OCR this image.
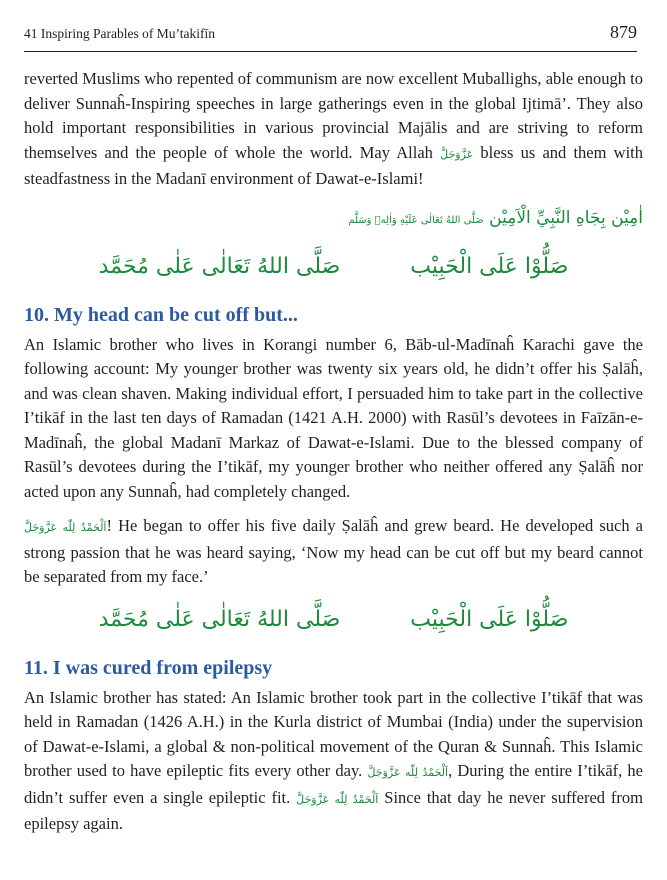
41 Inspiring Parables of Mu’takifīn	879

reverted Muslims who repented of communism are now excellent Muballighs, able enough to deliver Sunnaĥ-Inspiring speeches in large gatherings even in the global Ijtimā’. They also hold important responsibilities in various provincial Majālis and are striving to reform themselves and the people of whole the world. May Allah عَزَّوَجَلَّ bless us and them with steadfastness in the Madanī environment of Dawat-e-Islami!

اٰمِيْن بِجَاهِ النَّبِيِّ الْاَمِيْن صَلَّى اللهُ تَعَالٰى عَلَيْهِ وَاٰلِهٖ وَسَلَّم
صَلُّوْا عَلَى الْحَبِيْب
صَلَّى اللهُ تَعَالٰى عَلٰى مُحَمَّد
10. My head can be cut off but...

An Islamic brother who lives in Korangi number 6, Bāb-ul-Madīnaĥ Karachi gave the following account: My younger brother was twenty six years old, he didn’t offer his Ṣalāĥ, and was clean shaven. Making individual effort, I persuaded him to take part in the collective I’tikāf in the last ten days of Ramadan (1421 A.H. 2000) with Rasūl’s devotees in Faīzān-e-Madīnaĥ, the global Madanī Markaz of Dawat-e-Islami. Due to the blessed company of Rasūl’s devotees during the I’tikāf, my younger brother who neither offered any Ṣalāĥ nor acted upon any Sunnaĥ, had completely changed.

اَلْحَمْدُ لِلّٰه عَزَّوَجَلَّ! He began to offer his five daily Ṣalāĥ and grew beard. He developed such a strong passion that he was heard saying, ‘Now my head can be cut off but my beard cannot be separated from my face.’

صَلُّوْا عَلَى الْحَبِيْب
صَلَّى اللهُ تَعَالٰى عَلٰى مُحَمَّد
11. I was cured from epilepsy

An Islamic brother has stated: An Islamic brother took part in the collective I’tikāf that was held in Ramadan (1426 A.H.) in the Kurla district of Mumbai (India) under the supervision of Dawat-e-Islami, a global & non-political movement of the Quran & Sunnaĥ. This Islamic brother used to have epileptic fits every other day. اَلْحَمْدُ لِلّٰه عَزَّوَجَلَّ, During the entire I’tikāf, he didn’t suffer even a single epileptic fit. اَلْحَمْدُ لِلّٰه عَزَّوَجَلَّ Since that day he never suffered from epilepsy again.
